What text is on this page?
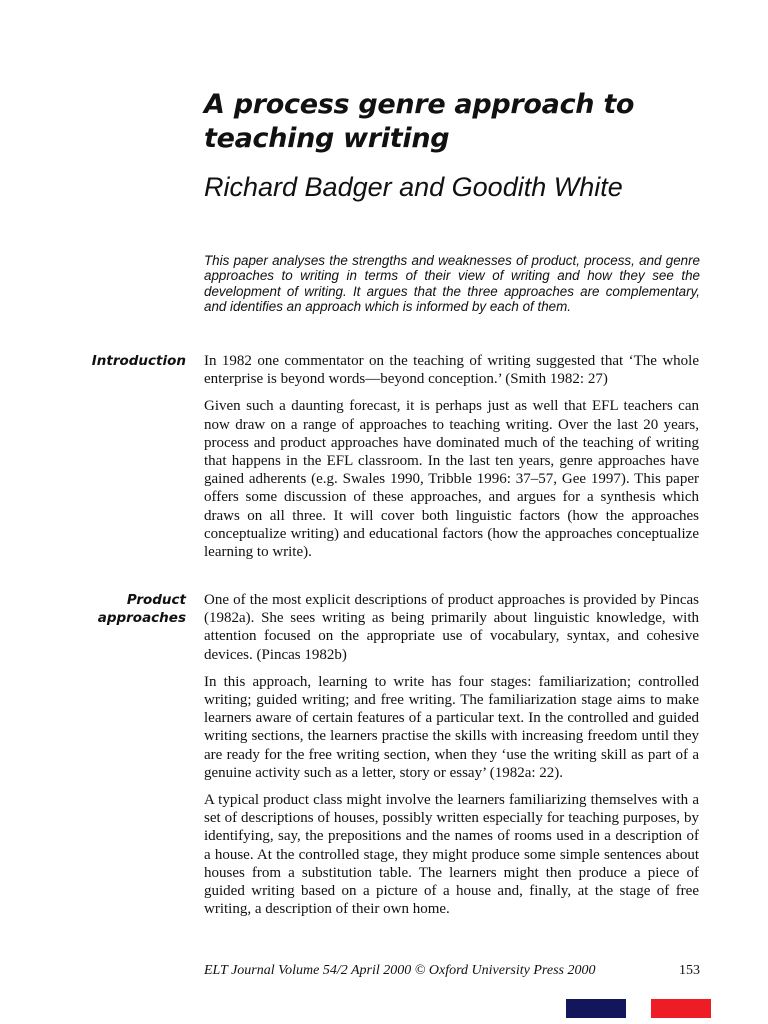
A process genre approach to teaching writing
Richard Badger and Goodith White

This paper analyses the strengths and weaknesses of product, process, and genre approaches to writing in terms of their view of writing and how they see the development of writing. It argues that the three approaches are complementary, and identifies an approach which is informed by each of them.

Introduction In 1982 one commentator on the teaching of writing suggested that ‘The whole enterprise is beyond words—beyond conception.’ (Smith 1982: 27)

Given such a daunting forecast, it is perhaps just as well that EFL teachers can now draw on a range of approaches to teaching writing. Over the last 20 years, process and product approaches have dominated much of the teaching of writing that happens in the EFL classroom. In the last ten years, genre approaches have gained adherents (e.g. Swales 1990, Tribble 1996: 37–57, Gee 1997). This paper offers some discussion of these approaches, and argues for a synthesis which draws on all three. It will cover both linguistic factors (how the approaches conceptualize writing) and educational factors (how the approaches conceptualize learning to write).

Product
approaches

One of the most explicit descriptions of product approaches is provided by Pincas (1982a). She sees writing as being primarily about linguistic knowledge, with attention focused on the appropriate use of vocabulary, syntax, and cohesive devices. (Pincas 1982b)

In this approach, learning to write has four stages: familiarization; controlled writing; guided writing; and free writing. The familiarization stage aims to make learners aware of certain features of a particular text. In the controlled and guided writing sections, the learners practise the skills with increasing freedom until they are ready for the free writing section, when they ‘use the writing skill as part of a genuine activity such as a letter, story or essay’ (1982a: 22).

A typical product class might involve the learners familiarizing themselves with a set of descriptions of houses, possibly written especially for teaching purposes, by identifying, say, the prepositions and the names of rooms used in a description of a house. At the controlled stage, they might produce some simple sentences about houses from a substitution table. The learners might then produce a piece of guided writing based on a picture of a house and, finally, at the stage of free writing, a description of their own home.

ELT Journal Volume 54/2 April 2000 © Oxford University Press 2000	153
